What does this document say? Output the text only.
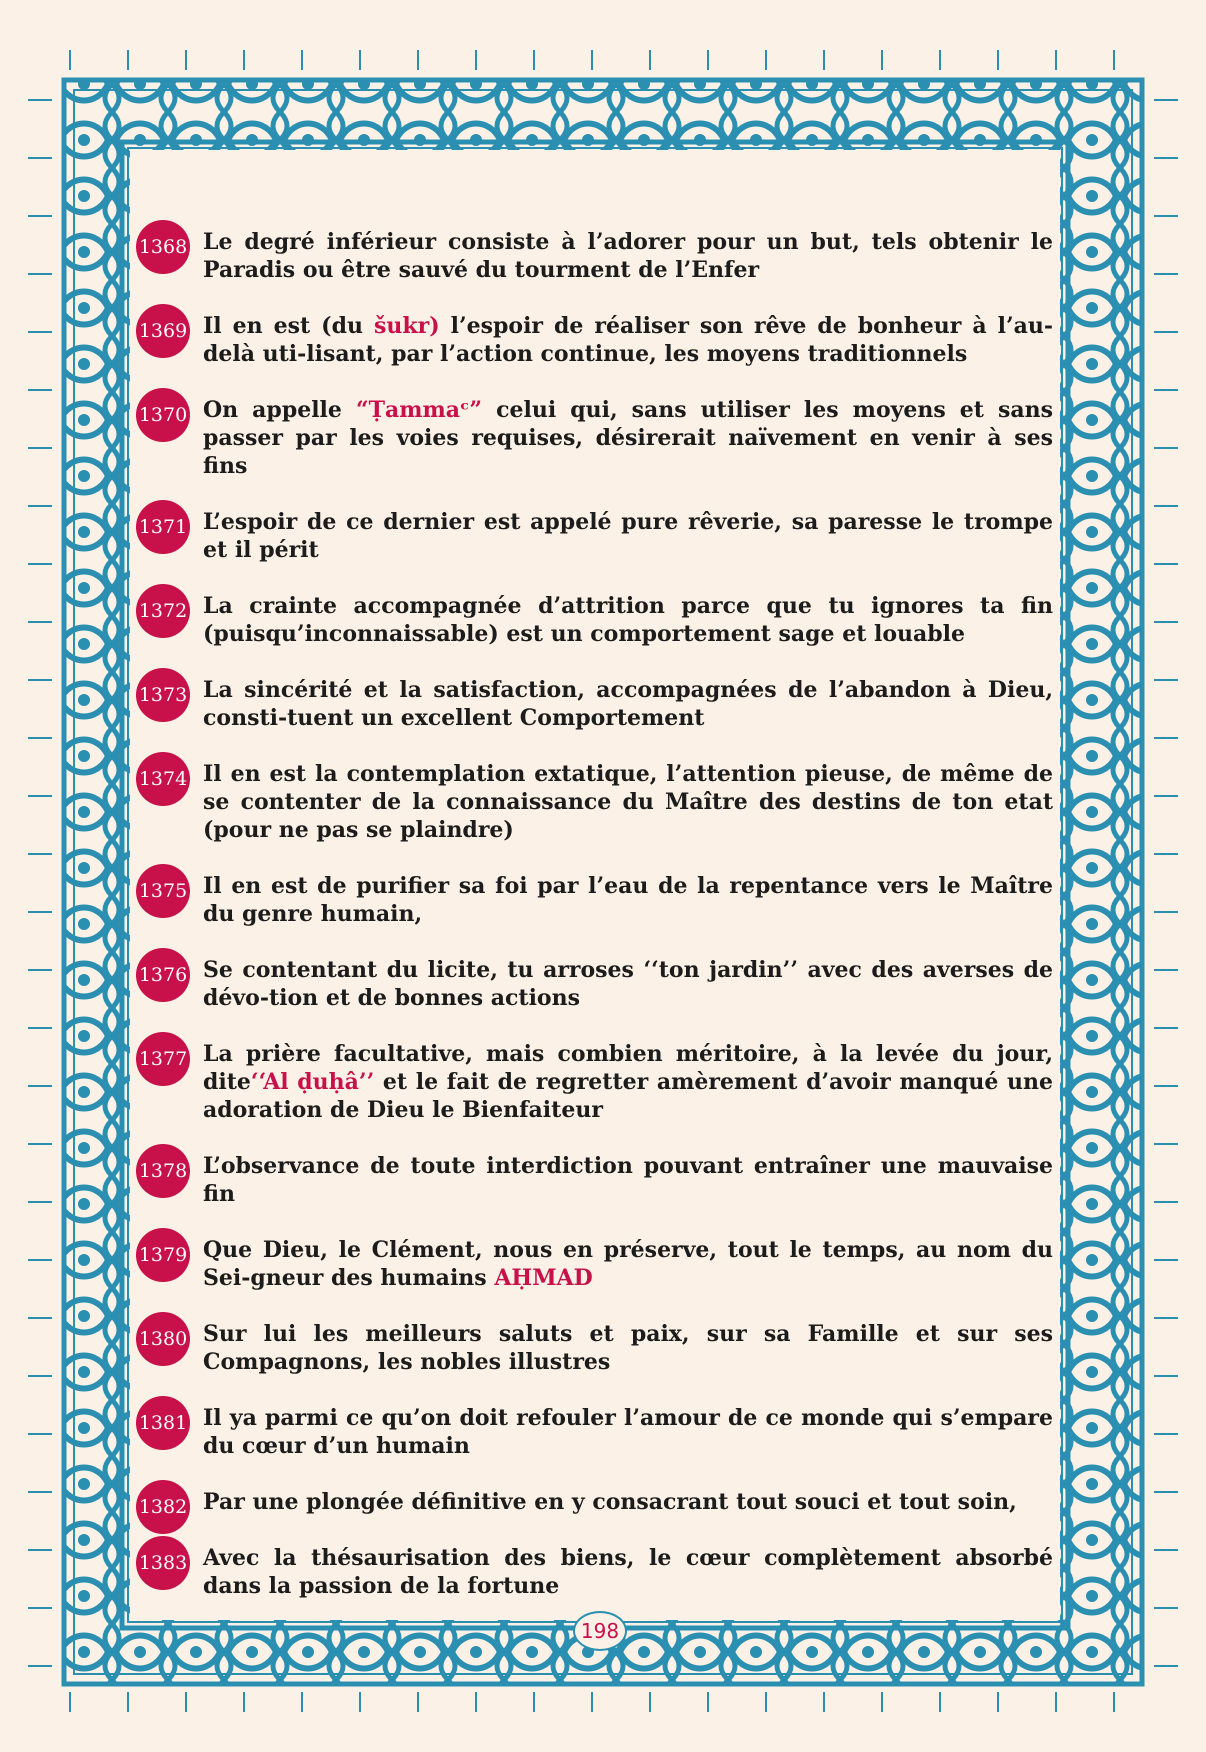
1368 Le degré inférieur consiste à l’adorer pour un but, tels obtenir le Paradis ou être sauvé du tourment de l’Enfer
1369 Il en est (du šukr) l’espoir de réaliser son rêve de bonheur à l’au-delà uti-lisant, par l’action continue, les moyens traditionnels
1370 On appelle “Ṭammaᶜ” celui qui, sans utiliser les moyens et sans passer par les voies requises, désirerait naïvement en venir à ses fins
1371 L’espoir de ce dernier est appelé pure rêverie, sa paresse le trompe et il périt
1372 La crainte accompagnée d’attrition parce que tu ignores ta fin (puisqu’inconnaissable) est un comportement sage et louable
1373 La sincérité et la satisfaction, accompagnées de l’abandon à Dieu, consti-tuent un excellent Comportement
1374 Il en est la contemplation extatique, l’attention pieuse, de même de se contenter de la connaissance du Maître des destins de ton etat (pour ne pas se plaindre)
1375 Il en est de purifier sa foi par l’eau de la repentance vers le Maître du genre humain,
1376 Se contentant du licite, tu arroses ‘‘ton jardin’’ avec des averses de dévo-tion et de bonnes actions
1377 La prière facultative, mais combien méritoire, à la levée du jour, dite‘‘Al ḍuḥâ’’ et le fait de regretter amèrement d’avoir manqué une adoration de Dieu le Bienfaiteur
1378 L’observance de toute interdiction pouvant entraîner une mauvaise fin
1379 Que Dieu, le Clément, nous en préserve, tout le temps, au nom du Sei-gneur des humains AḤMAD
1380 Sur lui les meilleurs saluts et paix, sur sa Famille et sur ses Compagnons, les nobles illustres
1381 Il ya parmi ce qu’on doit refouler l’amour de ce monde qui s’empare du cœur d’un humain
1382 Par une plongée définitive en y consacrant tout souci et tout soin,
1383 Avec la thésaurisation des biens, le cœur complètement absorbé dans la passion de la fortune
198
